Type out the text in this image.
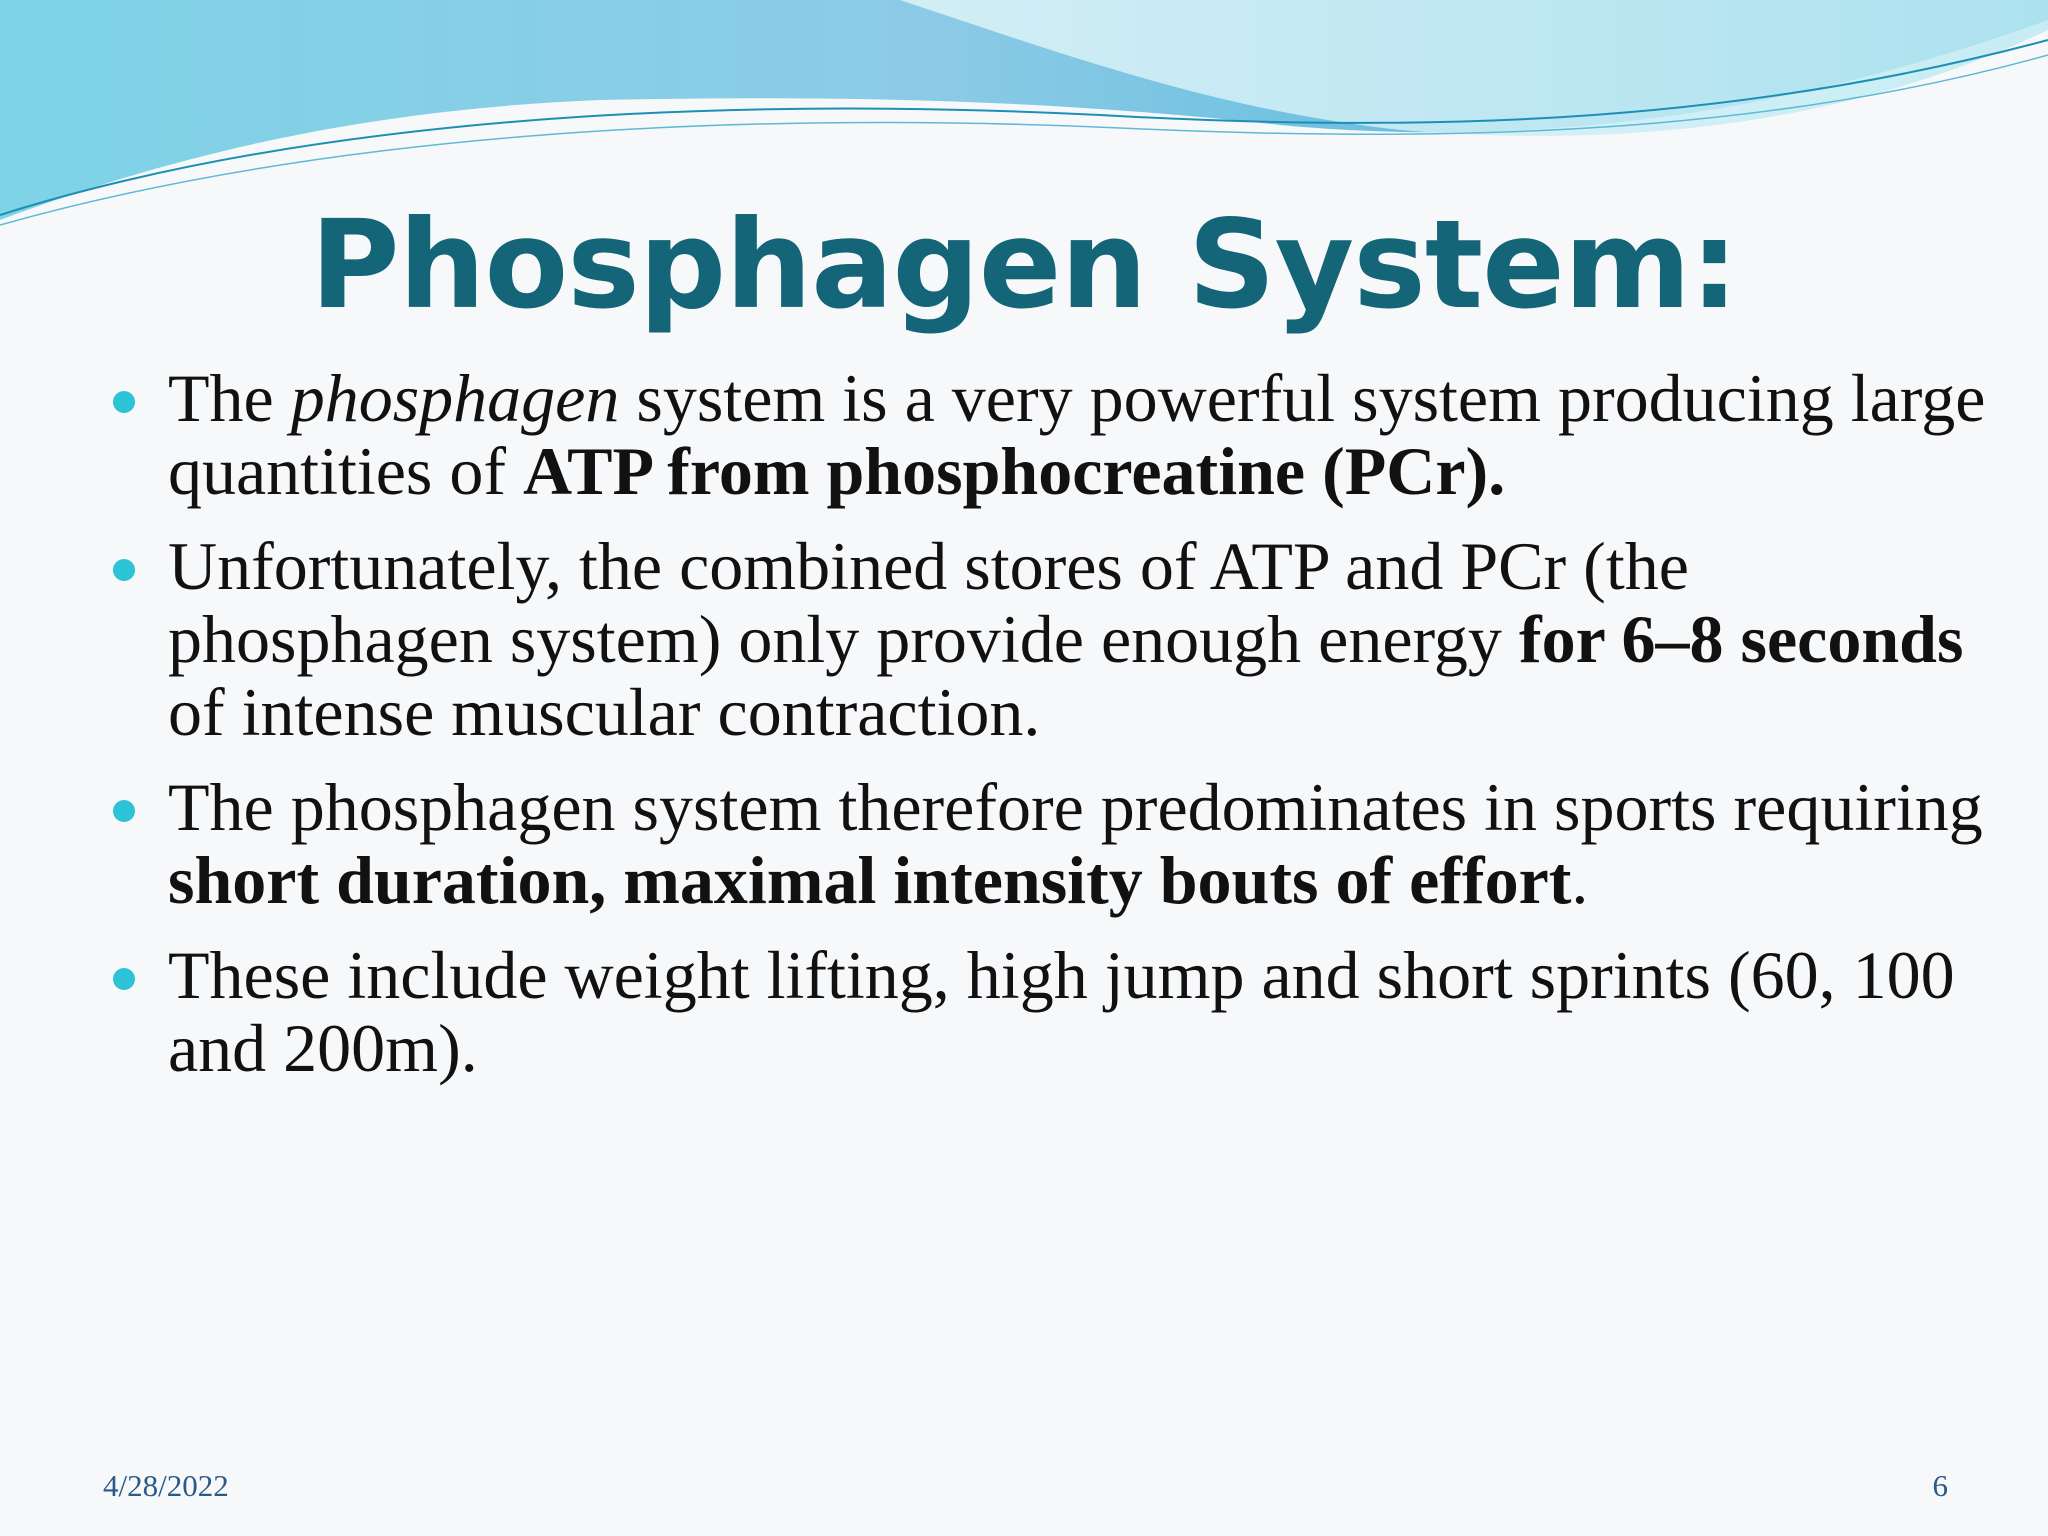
Phosphagen System:
The phosphagen system is a very powerful system producing large quantities of ATP from phosphocreatine (PCr).
Unfortunately, the combined stores of ATP and PCr (the phosphagen system) only provide enough energy for 6–8 seconds of intense muscular contraction.
The phosphagen system therefore predominates in sports requiring short duration, maximal intensity bouts of effort.
These include weight lifting, high jump and short sprints (60, 100 and 200m).
4/28/2022	6
